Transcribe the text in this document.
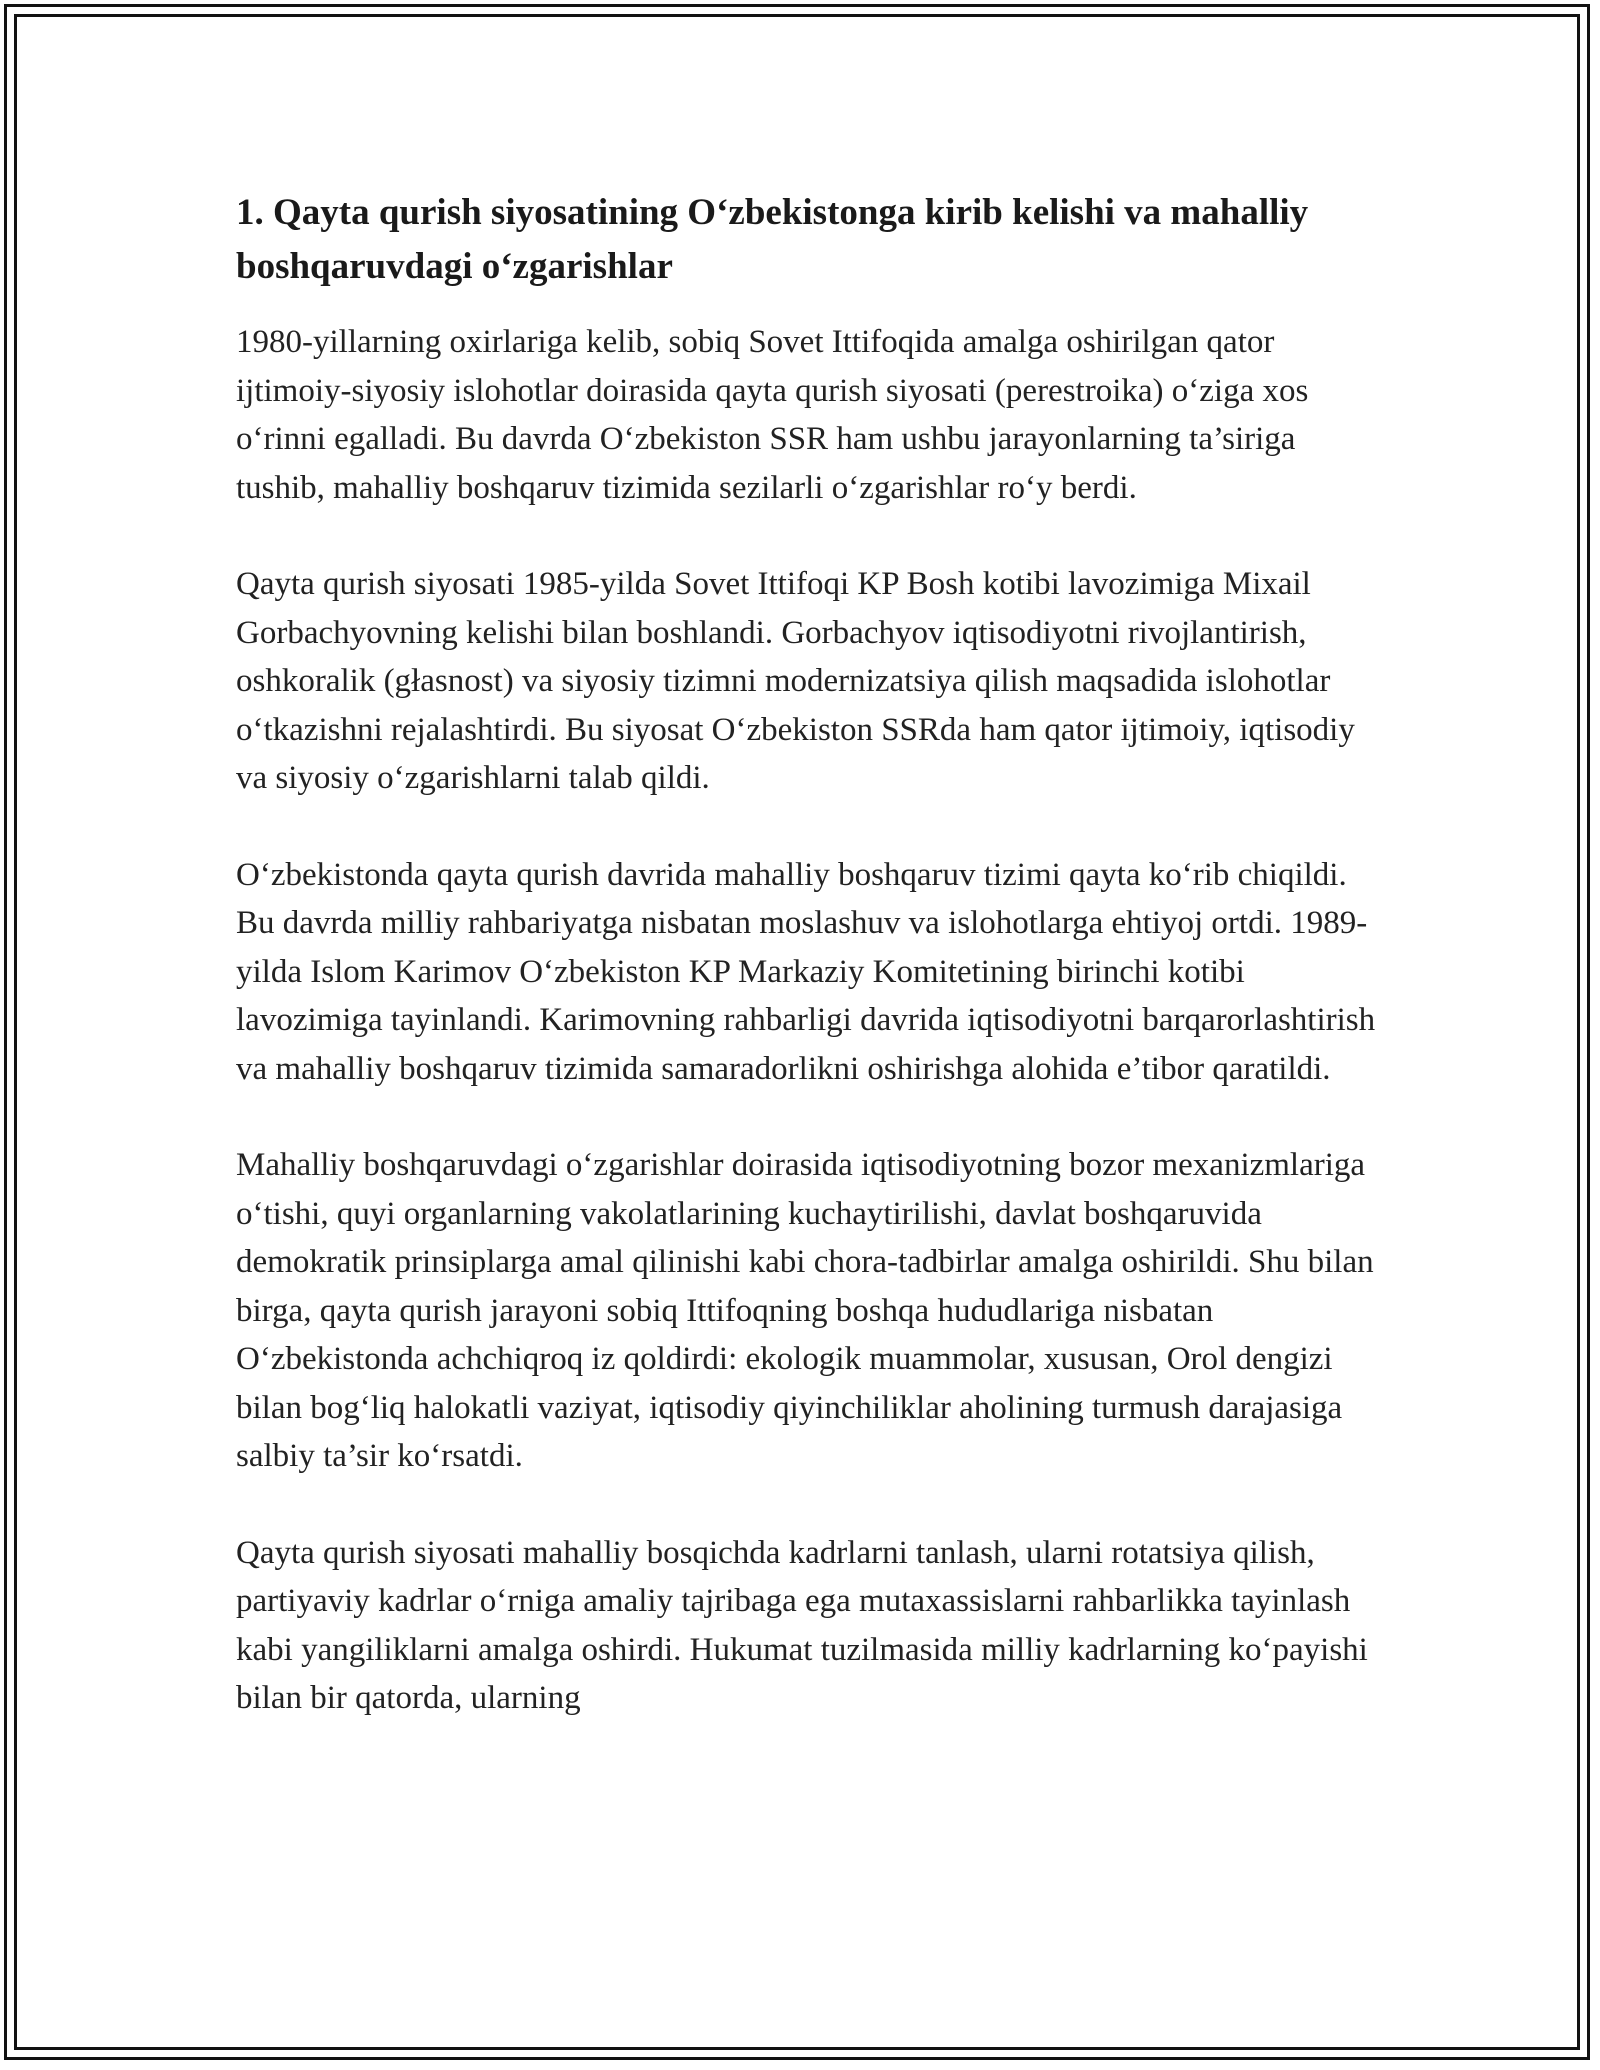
1. Qayta qurish siyosatining O‘zbekistonga kirib kelishi va mahalliy boshqaruvdagi o‘zgarishlar

1980-yillarning oxirlariga kelib, sobiq Sovet Ittifoqida amalga oshirilgan qator ijtimoiy-siyosiy islohotlar doirasida qayta qurish siyosati (perestroika) o‘ziga xos o‘rinni egalladi. Bu davrda O‘zbekiston SSR ham ushbu jarayonlarning ta’siriga tushib, mahalliy boshqaruv tizimida sezilarli o‘zgarishlar ro‘y berdi.

Qayta qurish siyosati 1985-yilda Sovet Ittifoqi KP Bosh kotibi lavozimiga Mixail Gorbachyovning kelishi bilan boshlandi. Gorbachyov iqtisodiyotni rivojlantirish, oshkoralik (głasnost) va siyosiy tizimni modernizatsiya qilish maqsadida islohotlar o‘tkazishni rejalashtirdi. Bu siyosat O‘zbekiston SSRda ham qator ijtimoiy, iqtisodiy va siyosiy o‘zgarishlarni talab qildi.

O‘zbekistonda qayta qurish davrida mahalliy boshqaruv tizimi qayta ko‘rib chiqildi. Bu davrda milliy rahbariyatga nisbatan moslashuv va islohotlarga ehtiyoj ortdi. 1989-yilda Islom Karimov O‘zbekiston KP Markaziy Komitetining birinchi kotibi lavozimiga tayinlandi. Karimovning rahbarligi davrida iqtisodiyotni barqarorlashtirish va mahalliy boshqaruv tizimida samaradorlikni oshirishga alohida e’tibor qaratildi.

Mahalliy boshqaruvdagi o‘zgarishlar doirasida iqtisodiyotning bozor mexanizmlariga o‘tishi, quyi organlarning vakolatlarining kuchaytirilishi, davlat boshqaruvida demokratik prinsiplarga amal qilinishi kabi chora-tadbirlar amalga oshirildi. Shu bilan birga, qayta qurish jarayoni sobiq Ittifoqning boshqa hududlariga nisbatan O‘zbekistonda achchiqroq iz qoldirdi: ekologik muammolar, xususan, Orol dengizi bilan bog‘liq halokatli vaziyat, iqtisodiy qiyinchiliklar aholining turmush darajasiga salbiy ta’sir ko‘rsatdi.

Qayta qurish siyosati mahalliy bosqichda kadrlarni tanlash, ularni rotatsiya qilish, partiyaviy kadrlar o‘rniga amaliy tajribaga ega mutaxassislarni rahbarlikka tayinlash kabi yangiliklarni amalga oshirdi. Hukumat tuzilmasida milliy kadrlarning ko‘payishi bilan bir qatorda, ularning
